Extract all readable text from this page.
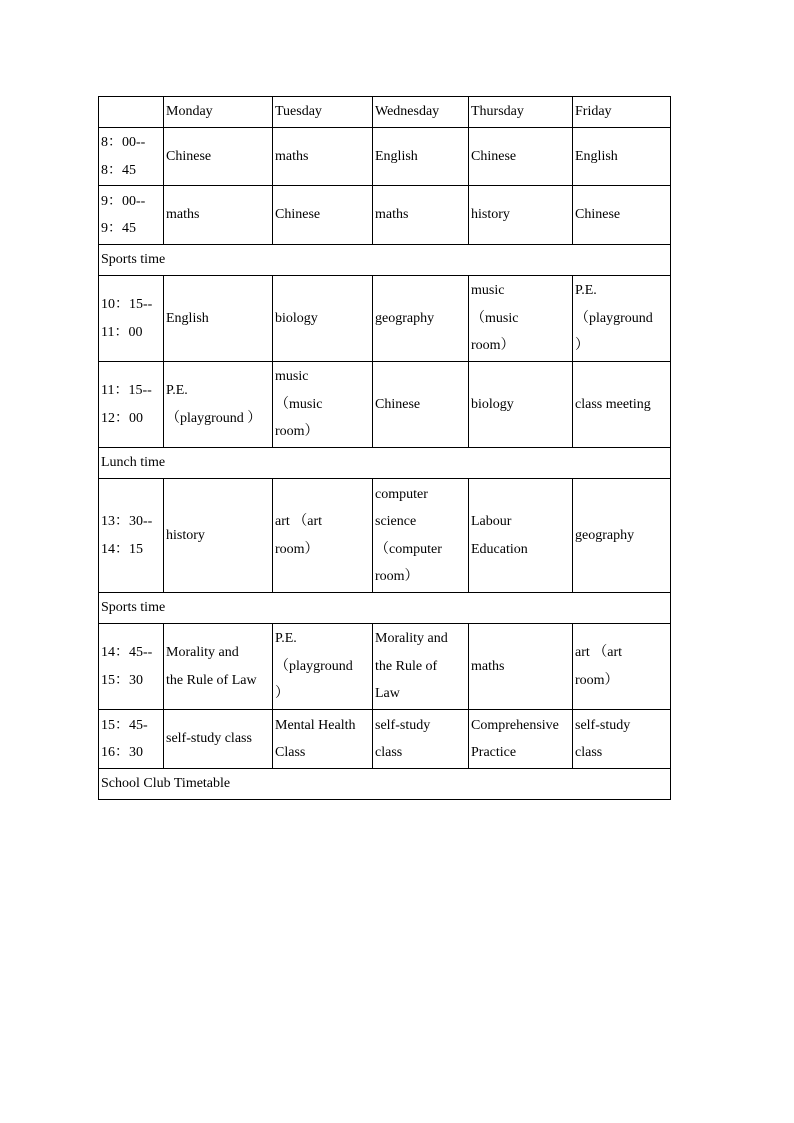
	Monday	Tuesday	Wednesday	Thursday	Friday
8：00--
8：45	Chinese	maths	English	Chinese	English
9：00--
9：45	maths	Chinese	maths	history	Chinese
Sports time					
10：15--
11：00	English	biology	geography	music
（music
room）	P.E.
（playground
）
11：15--
12：00	P.E.
（playground ）	music
（music
room）	Chinese	biology	class meeting
Lunch time					
13：30--
14：15	history	art （art
room）	computer
science
（computer
room）	Labour
Education	geography
Sports time					
14：45--
15：30	Morality and
the Rule of Law	P.E.
（playground
）	Morality and
the Rule of
Law	maths	art （art
room）
15：45-
16：30	self-study class	Mental Health
Class	self-study
class	Comprehensive
Practice	self-study
class
School Club Timetable					
